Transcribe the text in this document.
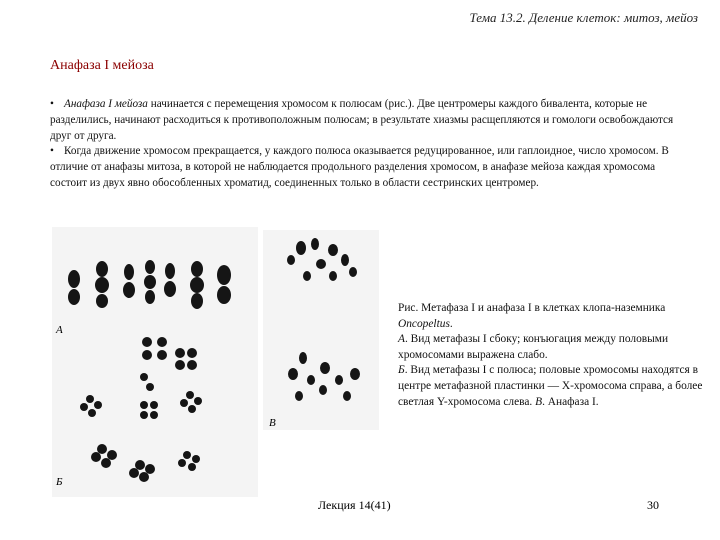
Тема 13.2. Деление клеток: митоз, мейоз
Анафаза I мейоза

• Анафаза I мейоза начинается с перемещения хромосом к полюсам (рис.). Две центромеры каждого бивалента, которые не разделились, начинают расходиться к противоположным полюсам; в результате хиазмы расщепляются и гомологи освобождаются друг от друга.

• Когда движение хромосом прекращается, у каждого полюса оказывается редуцированное, или гаплоидное, число хромосом. В отличие от анафазы митоза, в которой не наблюдается продольного разделения хромосом, в анафазе мейоза каждая хромосома состоит из двух явно обособленных хроматид, соединенных только в области сестринских центромер.

А
Б
В

Рис. Метафаза I и анафаза I в клетках клопа-наземника Oncopeltus.
А. Вид метафазы I сбоку; конъюгация между половыми хромосомами выражена слабо.
Б. Вид метафазы I с полюса; половые хромосомы находятся в центре метафазной пластинки — X-хромосома справа, а более светлая Y-хромосома слева. В. Анафаза I.

Лекция 14(41)	30
